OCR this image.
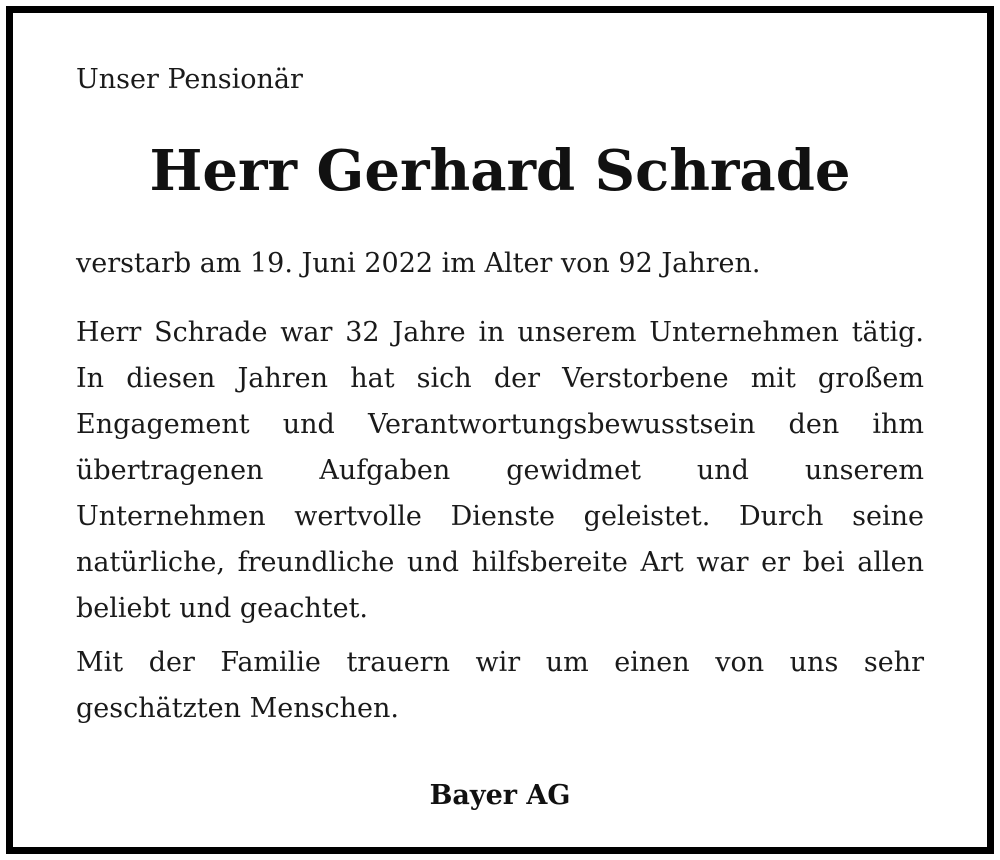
Unser Pensionär
Herr Gerhard Schrade
verstarb am 19. Juni 2022 im Alter von 92 Jahren.
Herr Schrade war 32 Jahre in unserem Unternehmen tätig. In diesen Jahren hat sich der Verstorbene mit großem Engagement und Verantwortungsbewusstsein den ihm übertragenen Aufgaben gewidmet und unserem Unternehmen wertvolle Dienste geleistet. Durch seine natürliche, freundliche und hilfsbereite Art war er bei allen beliebt und geachtet.
Mit der Familie trauern wir um einen von uns sehr geschätzten Menschen.
Bayer AG
